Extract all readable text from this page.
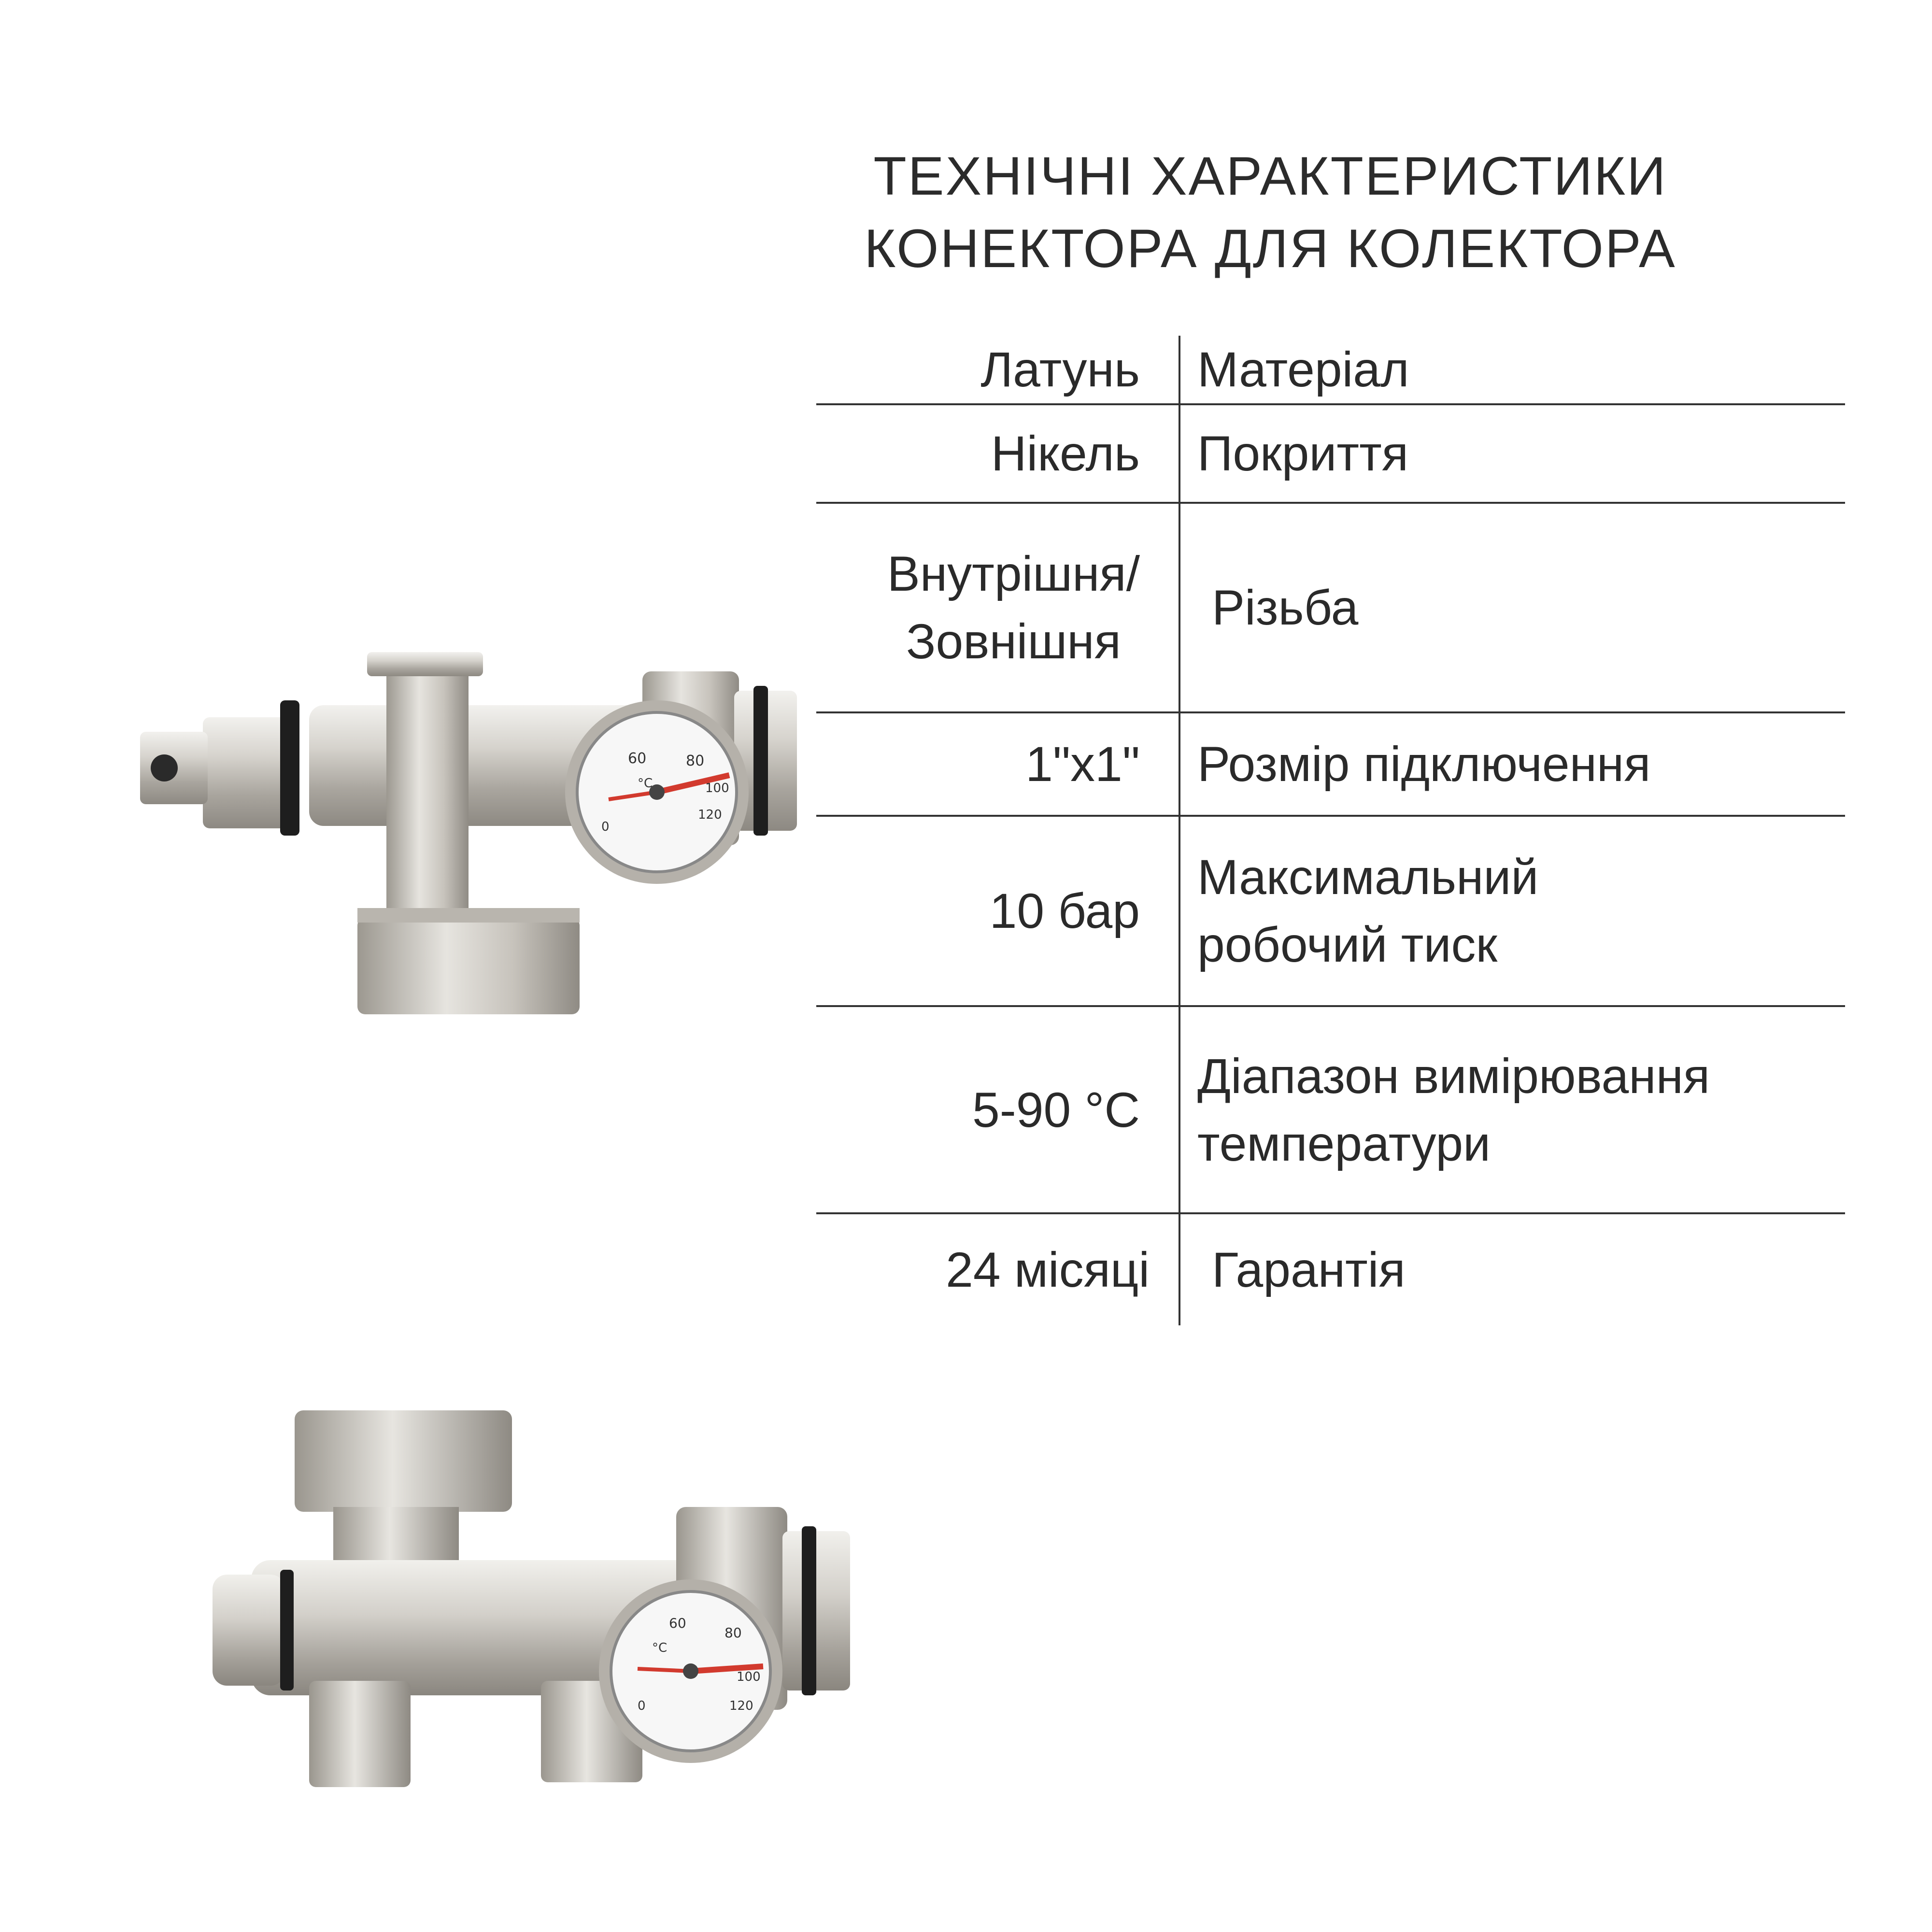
ТЕХНІЧНІ ХАРАКТЕРИСТИКИ
КОНЕКТОРА ДЛЯ КОЛЕКТОРА
Латунь Матеріал
Нікель Покриття
Внутрішня/
Зовнішня
Різьба
1"x1" Розмір підключення
10 бар
Максимальний
робочий тиск
5-90 °C
Діапазон вимірювання
температури
24 місяці Гарантія
60	80
100
120
0
°C
60
80
100
120
0
°C
